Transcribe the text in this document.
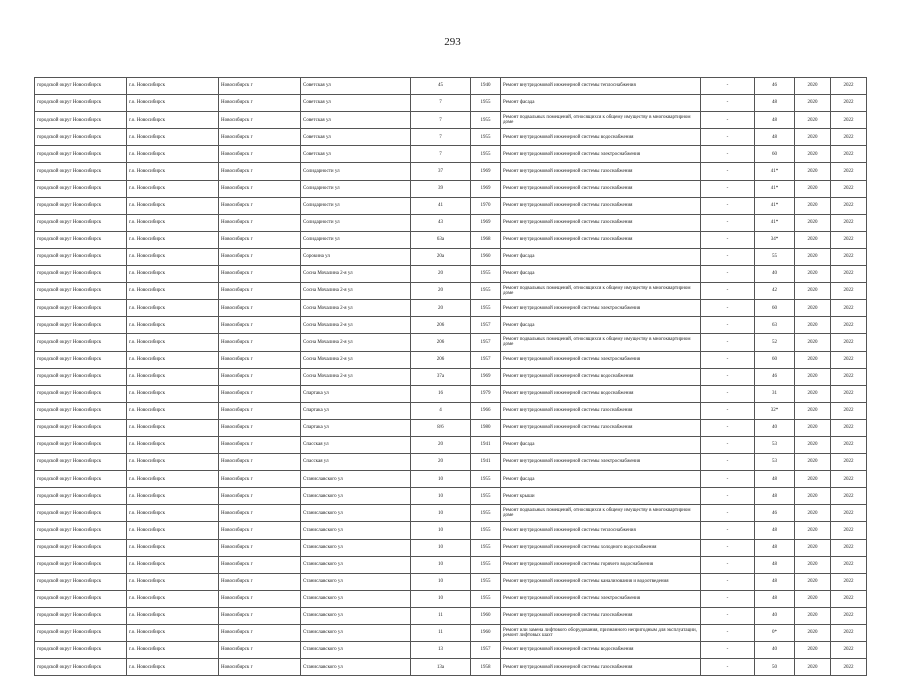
293
городской округ Новосибирск	г.о. Новосибирск	Новосибирск г	Советская ул	45	1940	Ремонт внутридомовой инженерной системы теплоснабжения	-	46	2020	2022
городской округ Новосибирск	г.о. Новосибирск	Новосибирск г	Советская ул	7	1955	Ремонт фасада	-	48	2020	2022
городской округ Новосибирск	г.о. Новосибирск	Новосибирск г	Советская ул	7	1955	Ремонт подвальных помещений, относящихся к общему имуществу в многоквартирном доме	-	48	2020	2022
городской округ Новосибирск	г.о. Новосибирск	Новосибирск г	Советская ул	7	1955	Ремонт внутридомовой инженерной системы водоснабжения	-	48	2020	2022
городской округ Новосибирск	г.о. Новосибирск	Новосибирск г	Советская ул	7	1955	Ремонт внутридомовой инженерной системы электроснабжения	-	60	2020	2022
городской округ Новосибирск	г.о. Новосибирск	Новосибирск г	Солидарности ул	37	1969	Ремонт внутридомовой инженерной системы газоснабжения	-	41*	2020	2022
городской округ Новосибирск	г.о. Новосибирск	Новосибирск г	Солидарности ул	39	1969	Ремонт внутридомовой инженерной системы газоснабжения	-	41*	2020	2022
городской округ Новосибирск	г.о. Новосибирск	Новосибирск г	Солидарности ул	41	1970	Ремонт внутридомовой инженерной системы газоснабжения	-	41*	2020	2022
городской округ Новосибирск	г.о. Новосибирск	Новосибирск г	Солидарности ул	43	1969	Ремонт внутридомовой инженерной системы газоснабжения	-	41*	2020	2022
городской округ Новосибирск	г.о. Новосибирск	Новосибирск г	Солидарности ул	63а	1968	Ремонт внутридомовой инженерной системы газоснабжения	-	34*	2020	2022
городской округ Новосибирск	г.о. Новосибирск	Новосибирск г	Сорокина ул	20а	1960	Ремонт фасада	-	55	2020	2022
городской округ Новосибирск	г.о. Новосибирск	Новосибирск г	Сосна Мочалина 2-я ул	20	1955	Ремонт фасада	-	40	2020	2022
городской округ Новосибирск	г.о. Новосибирск	Новосибирск г	Сосна Мочалина 2-я ул	20	1955	Ремонт подвальных помещений, относящихся к общему имуществу в многоквартирном доме	-	42	2020	2022
городской округ Новосибирск	г.о. Новосибирск	Новосибирск г	Сосна Мочалина 2-я ул	20	1955	Ремонт внутридомовой инженерной системы электроснабжения	-	60	2020	2022
городской округ Новосибирск	г.о. Новосибирск	Новосибирск г	Сосна Мочалина 2-я ул	206	1957	Ремонт фасада	-	63	2020	2022
городской округ Новосибирск	г.о. Новосибирск	Новосибирск г	Сосна Мочалина 2-я ул	206	1957	Ремонт подвальных помещений, относящихся к общему имуществу в многоквартирном доме	-	52	2020	2022
городской округ Новосибирск	г.о. Новосибирск	Новосибирск г	Сосна Мочалина 2-я ул	206	1957	Ремонт внутридомовой инженерной системы электроснабжения	-	60	2020	2022
городской округ Новосибирск	г.о. Новосибирск	Новосибирск г	Сосна Мочалина 2-я ул	37а	1969	Ремонт внутридомовой инженерной системы водоснабжения	-	46	2020	2022
городской округ Новосибирск	г.о. Новосибирск	Новосибирск г	Спартака ул	16	1979	Ремонт внутридомовой инженерной системы водоснабжения	-	31	2020	2022
городской округ Новосибирск	г.о. Новосибирск	Новосибирск г	Спартака ул	4	1966	Ремонт внутридомовой инженерной системы газоснабжения	-	32*	2020	2022
городской округ Новосибирск	г.о. Новосибирск	Новосибирск г	Спартака ул	8/6	1980	Ремонт внутридомовой инженерной системы газоснабжения	-	40	2020	2022
городской округ Новосибирск	г.о. Новосибирск	Новосибирск г	Спасская ул	20	1941	Ремонт фасада	-	53	2020	2022
городской округ Новосибирск	г.о. Новосибирск	Новосибирск г	Спасская ул	20	1941	Ремонт внутридомовой инженерной системы электроснабжения	-	53	2020	2022
городской округ Новосибирск	г.о. Новосибирск	Новосибирск г	Станиславского ул	10	1955	Ремонт фасада	-	48	2020	2022
городской округ Новосибирск	г.о. Новосибирск	Новосибирск г	Станиславского ул	10	1955	Ремонт крыши	-	48	2020	2022
городской округ Новосибирск	г.о. Новосибирск	Новосибирск г	Станиславского ул	10	1955	Ремонт подвальных помещений, относящихся к общему имуществу в многоквартирном доме	-	46	2020	2022
городской округ Новосибирск	г.о. Новосибирск	Новосибирск г	Станиславского ул	10	1955	Ремонт внутридомовой инженерной системы теплоснабжения	-	48	2020	2022
городской округ Новосибирск	г.о. Новосибирск	Новосибирск г	Станиславского ул	10	1955	Ремонт внутридомовой инженерной системы холодного водоснабжения	-	48	2020	2022
городской округ Новосибирск	г.о. Новосибирск	Новосибирск г	Станиславского ул	10	1955	Ремонт внутридомовой инженерной системы горячего водоснабжения	-	48	2020	2022
городской округ Новосибирск	г.о. Новосибирск	Новосибирск г	Станиславского ул	10	1955	Ремонт внутридомовой инженерной системы канализования и водоотведения	-	48	2020	2022
городской округ Новосибирск	г.о. Новосибирск	Новосибирск г	Станиславского ул	10	1955	Ремонт внутридомовой инженерной системы электроснабжения	-	48	2020	2022
городской округ Новосибирск	г.о. Новосибирск	Новосибирск г	Станиславского ул	11	1960	Ремонт внутридомовой инженерной системы газоснабжения	-	40	2020	2022
городской округ Новосибирск	г.о. Новосибирск	Новосибирск г	Станиславского ул	11	1960	Ремонт или замена лифтового оборудования, признанного непригодным для эксплуатации, ремонт лифтовых шахт	-	0*	2020	2022
городской округ Новосибирск	г.о. Новосибирск	Новосибирск г	Станиславского ул	13	1957	Ремонт внутридомовой инженерной системы водоснабжения	-	40	2020	2022
городской округ Новосибирск	г.о. Новосибирск	Новосибирск г	Станиславского ул	13а	1958	Ремонт внутридомовой инженерной системы газоснабжения	-	50	2020	2022
